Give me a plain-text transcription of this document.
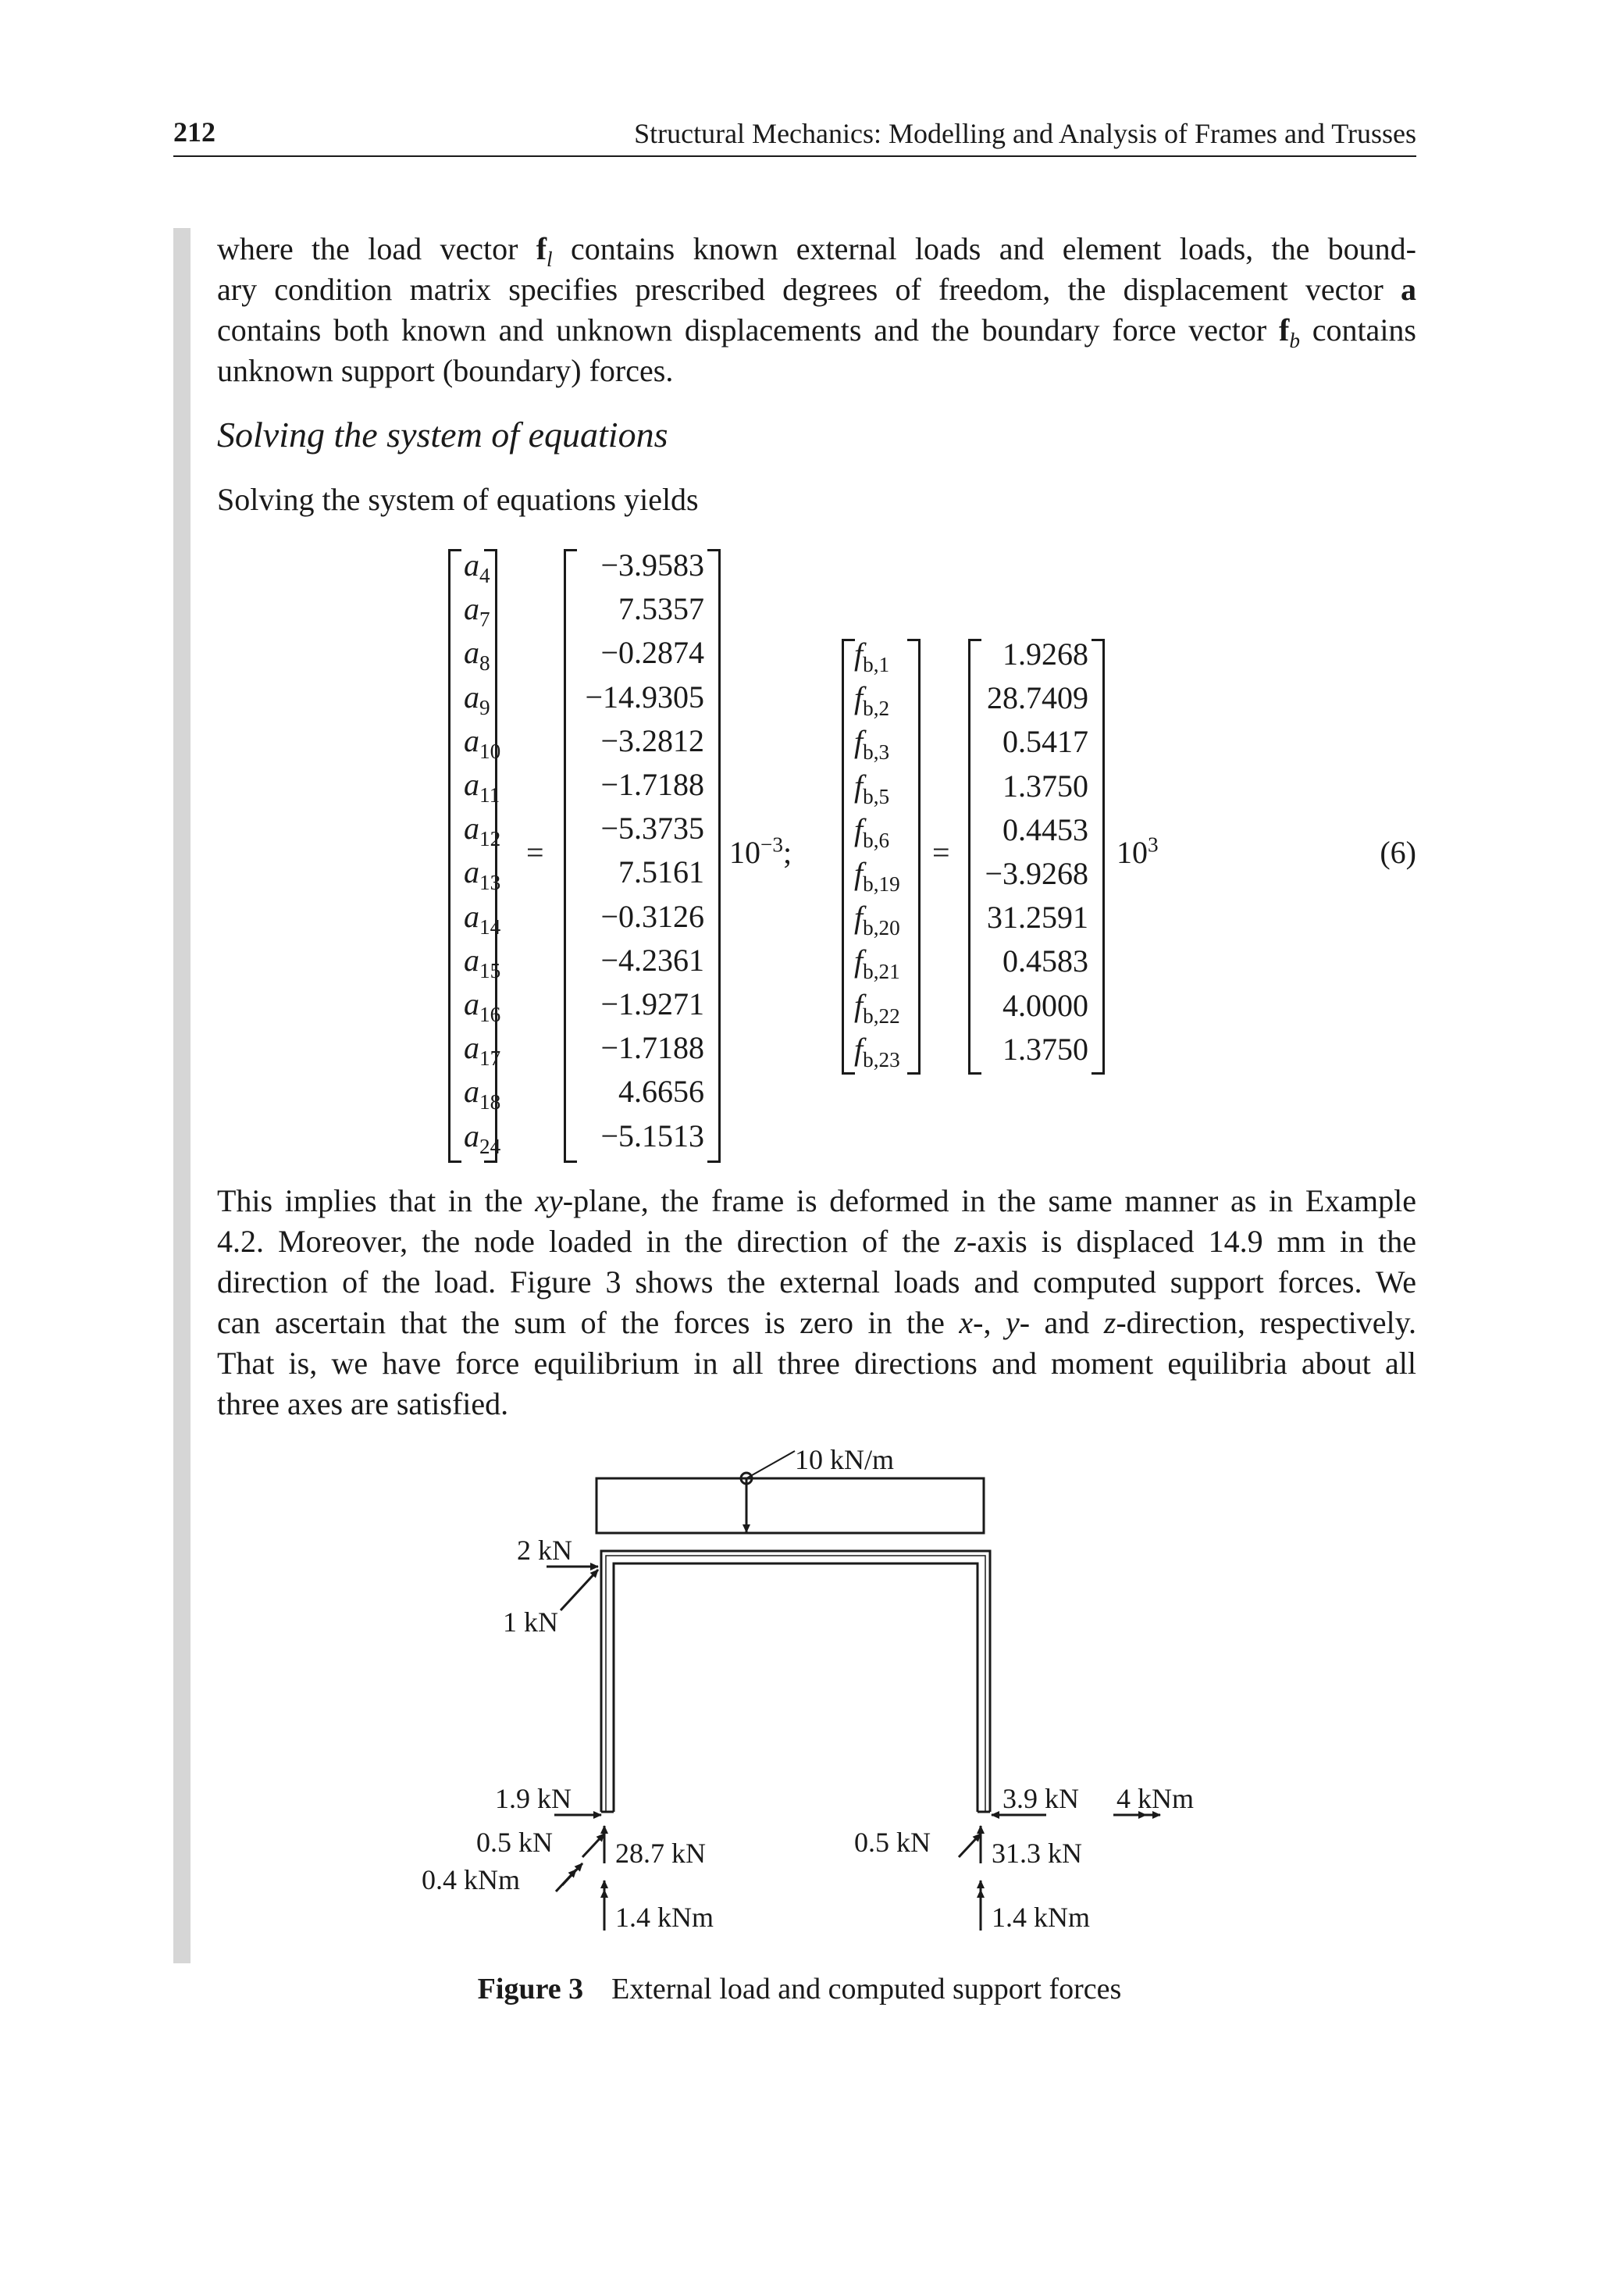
212	Structural Mechanics: Modelling and Analysis of Frames and Trusses
where the load vector $f_l$ contains known external loads and element loads, the bound-
ary condition matrix specifies prescribed degrees of freedom, the displacement vector a
contains both known and unknown displacements and the boundary force vector $f_b$ contains
unknown support (boundary) forces.
Solving the system of equations
Solving the system of equations yields
$a_4$
$a_7$
$a_8$
$a_9$
$a_{10}$
$a_{11}$
$a_{12}$
$a_{13}$
$a_{14}$
$a_{15}$
$a_{16}$
$a_{17}$
$a_{18}$
$a_{24}$
=
−3.9583
7.5357
−0.2874
−14.9305
−3.2812
−1.7188
−5.3735
7.5161
−0.3126
−4.2361
−1.9271
−1.7188
4.6656
−5.1513
$10^{-3}$;
$f_{b,1}$
$f_{b,2}$
$f_{b,3}$
$f_{b,5}$
$f_{b,6}$
$f_{b,19}$
$f_{b,20}$
$f_{b,21}$
$f_{b,22}$
$f_{b,23}$
=
1.9268
28.7409
0.5417
1.3750
0.4453
−3.9268
31.2591
0.4583
4.0000
1.3750
$10^3$	(6)
This implies that in the xy-plane, the frame is deformed in the same manner as in Example
4.2. Moreover, the node loaded in the direction of the z-axis is displaced 14.9 mm in the
direction of the load. Figure 3 shows the external loads and computed support forces. We
can ascertain that the sum of the forces is zero in the x-, y- and z-direction, respectively.
That is, we have force equilibrium in all three directions and moment equilibria about all
three axes are satisfied.
10 kN/m
2 kN
1 kN
1.9 kN
0.5 kN
0.4 kNm
28.7 kN
1.4 kNm
0.5 kN
3.9 kN 4 kNm
31.3 kN
1.4 kNm
Figure 3 External load and computed support forces
